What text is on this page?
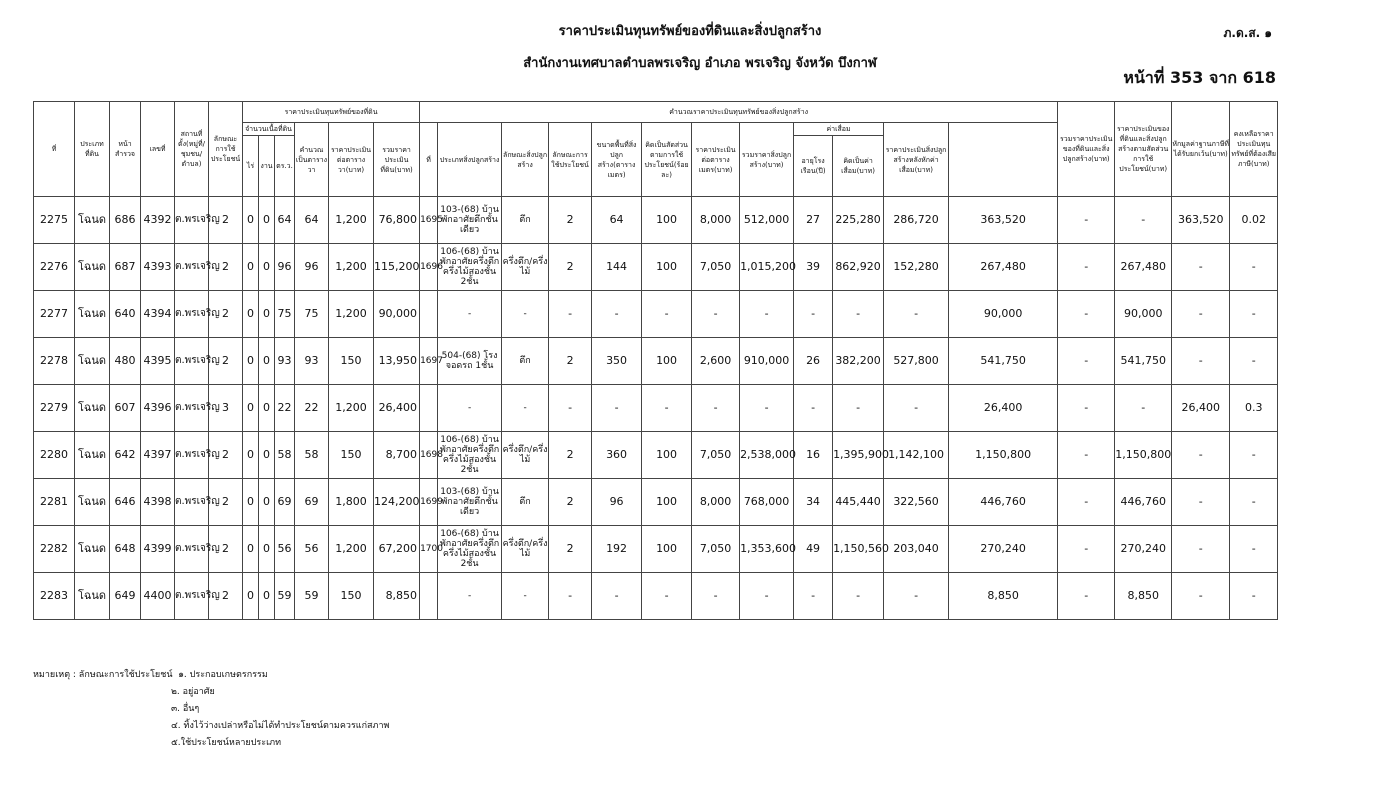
ราคาประเมินทุนทรัพย์ของที่ดินและสิ่งปลูกสร้าง
สำนักงานเทศบาลตำบลพรเจริญ อำเภอ พรเจริญ จังหวัด บึงกาฬ
ภ.ด.ส. ๑
หน้าที่ 353 จาก 618
ที่	ประเภทที่ดิน	หน้าสำรวจ	เลขที่	สถานที่ตั้ง(หมู่ที่/ชุมชน/ตำบล)	ลักษณะการใช้ประโยชน์	ราคาประเมินทุนทรัพย์ของที่ดิน						คำนวณราคาประเมินทุนทรัพย์ของสิ่งปลูกสร้าง												รวมราคาประเมินของที่ดินและสิ่งปลูกสร้าง(บาท)	ราคาประเมินของที่ดินและสิ่งปลูกสร้างตามสัดส่วนการใช้ประโยชน์(บาท)	หักมูลค่าฐานภาษีที่ได้รับยกเว้น(บาท)	คงเหลือราคาประเมินทุนทรัพย์ที่ต้องเสียภาษี(บาท)	
						จำนวนเนื้อที่ดิน			คำนวณเป็นตารางวา	ราคาประเมินต่อตารางวา(บาท)	รวมราคาประเมินที่ดิน(บาท)	ที่	ประเภทสิ่งปลูกสร้าง	ลักษณะสิ่งปลูกสร้าง	ลักษณะการใช้ประโยชน์	ขนาดพื้นที่สิ่งปลูกสร้าง(ตารางเมตร)	คิดเป็นสัดส่วนตามการใช้ประโยชน์(ร้อยละ)	ราคาประเมินต่อตารางเมตร(บาท)	รวมราคาสิ่งปลูกสร้าง(บาท)	ค่าเสื่อม		ราคาประเมินสิ่งปลูกสร้างหลังหักค่าเสื่อม(บาท)						
						ไร่	งาน	ตร.ว.												อายุโรงเรือน(ปี)	คิดเป็นค่าเสื่อม(บาท)							
2275	โฉนด	686	4392	ต.พรเจริญ	2	0	0	64	64	1,200	76,800	1695	103-(68) บ้านพักอาศัยตึกชั้นเดียว	ตึก	2	64	100	8,000	512,000	27	225,280	286,720	363,520	-	-	363,520	0.02	
2276	โฉนด	687	4393	ต.พรเจริญ	2	0	0	96	96	1,200	115,200	1696	106-(68) บ้านพักอาศัยครึ่งตึกครึ่งไม้สองชั้น 2ชั้น	ครึ่งตึก/ครึ่งไม้	2	144	100	7,050	1,015,200	39	862,920	152,280	267,480	-	267,480	-	-	
2277	โฉนด	640	4394	ต.พรเจริญ	2	0	0	75	75	1,200	90,000		-	-	-	-	-	-	-	-	-	-	90,000	-	90,000	-	-	
2278	โฉนด	480	4395	ต.พรเจริญ	2	0	0	93	93	150	13,950	1697	504-(68) โรงจอดรถ 1ชั้น	ตึก	2	350	100	2,600	910,000	26	382,200	527,800	541,750	-	541,750	-	-	
2279	โฉนด	607	4396	ต.พรเจริญ	3	0	0	22	22	1,200	26,400		-	-	-	-	-	-	-	-	-	-	26,400	-	-	26,400	0.3	
2280	โฉนด	642	4397	ต.พรเจริญ	2	0	0	58	58	150	8,700	1698	106-(68) บ้านพักอาศัยครึ่งตึกครึ่งไม้สองชั้น 2ชั้น	ครึ่งตึก/ครึ่งไม้	2	360	100	7,050	2,538,000	16	1,395,900	1,142,100	1,150,800	-	1,150,800	-	-	
2281	โฉนด	646	4398	ต.พรเจริญ	2	0	0	69	69	1,800	124,200	1699	103-(68) บ้านพักอาศัยตึกชั้นเดียว	ตึก	2	96	100	8,000	768,000	34	445,440	322,560	446,760	-	446,760	-	-	
2282	โฉนด	648	4399	ต.พรเจริญ	2	0	0	56	56	1,200	67,200	1700	106-(68) บ้านพักอาศัยครึ่งตึกครึ่งไม้สองชั้น 2ชั้น	ครึ่งตึก/ครึ่งไม้	2	192	100	7,050	1,353,600	49	1,150,560	203,040	270,240	-	270,240	-	-	
2283	โฉนด	649	4400	ต.พรเจริญ	2	0	0	59	59	150	8,850		-	-	-	-	-	-	-	-	-	-	8,850	-	8,850	-	-	
หมายเหตุ : ลักษณะการใช้ประโยชน์ ๑. ประกอบเกษตรกรรม
๒. อยู่อาศัย
๓. อื่นๆ
๔. ทิ้งไว้ว่างเปล่าหรือไม่ได้ทำประโยชน์ตามควรแก่สภาพ
๕.ใช้ประโยชน์หลายประเภท
